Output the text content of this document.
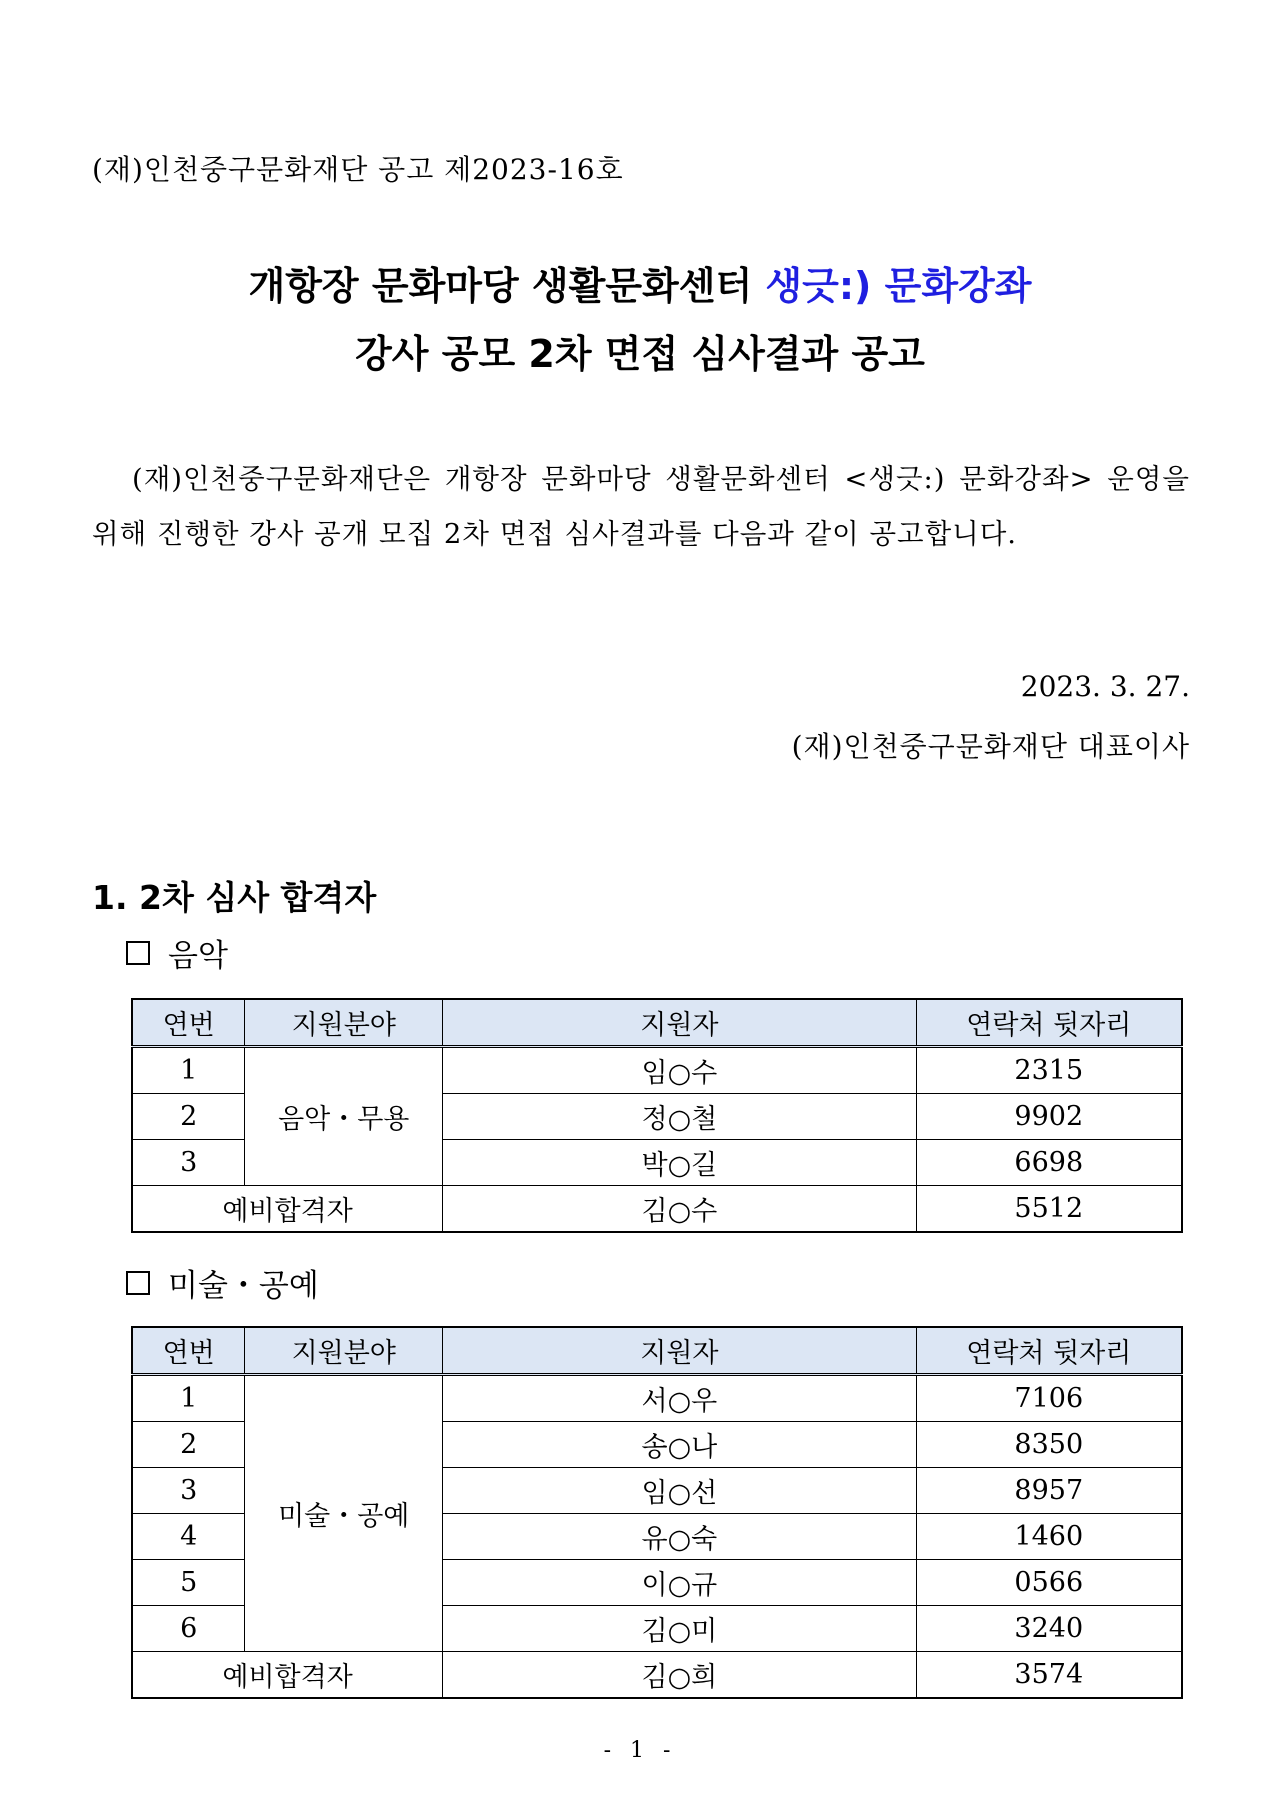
(재)인천중구문화재단 공고 제2023-16호
개항장 문화마당 생활문화센터 생긋:) 문화강좌
강사 공모 2차 면접 심사결과 공고
(재)인천중구문화재단은 개항장 문화마당 생활문화센터 <생긋:) 문화강좌> 운영을 위해 진행한 강사 공개 모집 2차 면접 심사결과를 다음과 같이 공고합니다.
2023. 3. 27.
(재)인천중구문화재단 대표이사
1. 2차 심사 합격자
음악
연번	지원분야	지원자	연락처 뒷자리
1	음악・무용	임○수	2315
2		정○철	9902
3		박○길	6698
예비합격자		김○수	5512
미술・공예
연번	지원분야	지원자	연락처 뒷자리
1	미술・공예	서○우	7106
2		송○나	8350
3		임○선	8957
4		유○숙	1460
5		이○규	0566
6		김○미	3240
예비합격자		김○희	3574
- 1 -
